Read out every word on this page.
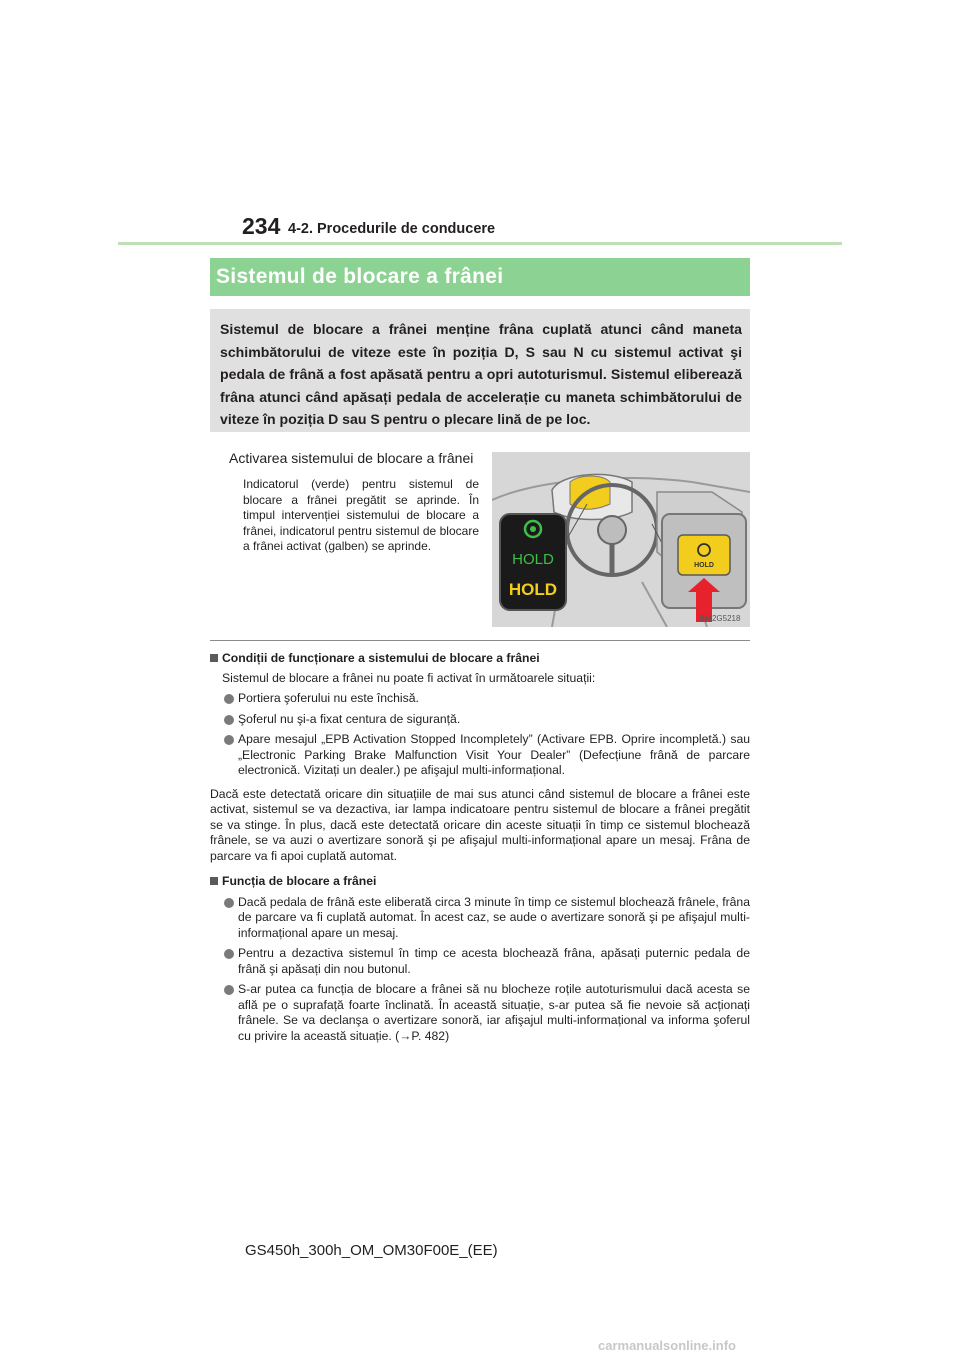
234 4-2. Procedurile de conducere
Sistemul de blocare a frânei
Sistemul de blocare a frânei menține frâna cuplată atunci când maneta schimbătorului de viteze este în poziția D, S sau N cu sistemul activat şi pedala de frână a fost apăsată pentru a opri autoturismul. Sistemul eliberează frâna atunci când apăsați pedala de accelerație cu maneta schimbătorului de viteze în poziția D sau S pentru o plecare lină de pe loc.
Activarea sistemului de blocare a frânei
Indicatorul (verde) pentru sistemul de blocare a frânei pregătit se aprinde. În timpul intervenției sistemului de blocare a frânei, indicatorul pentru sistemul de blocare a frânei activat (galben) se aprinde.
HOLD
HOLD
HOLD
IN42G5218
Condiții de funcționare a sistemului de blocare a frânei
Sistemul de blocare a frânei nu poate fi activat în următoarele situații:
Portiera şoferului nu este închisă.
Şoferul nu şi-a fixat centura de siguranță.
Apare mesajul „EPB Activation Stopped Incompletely” (Activare EPB. Oprire incompletă.) sau „Electronic Parking Brake Malfunction Visit Your Dealer” (Defecțiune frână de parcare electronică. Vizitați un dealer.) pe afişajul multi-informațional.
Dacă este detectată oricare din situațiile de mai sus atunci când sistemul de blocare a frânei este activat, sistemul se va dezactiva, iar lampa indicatoare pentru sistemul de blocare a frânei pregătit se va stinge. În plus, dacă este detectată oricare din aceste situații în timp ce sistemul blochează frânele, se va auzi o avertizare sonoră şi pe afişajul multi-informațional apare un mesaj. Frâna de parcare va fi apoi cuplată automat.
Funcția de blocare a frânei
Dacă pedala de frână este eliberată circa 3 minute în timp ce sistemul blochează frânele, frâna de parcare va fi cuplată automat. În acest caz, se aude o avertizare sonoră şi pe afişajul multi-informațional apare un mesaj.
Pentru a dezactiva sistemul în timp ce acesta blochează frâna, apăsați puternic pedala de frână şi apăsați din nou butonul.
S-ar putea ca funcția de blocare a frânei să nu blocheze roțile autoturismului dacă acesta se află pe o suprafață foarte înclinată. În această situație, s-ar putea să fie nevoie să acționați frânele. Se va declanşa o avertizare sonoră, iar afişajul multi-informațional va informa şoferul cu privire la această situație. (→P. 482)
GS450h_300h_OM_OM30F00E_(EE)
carmanualsonline.info
